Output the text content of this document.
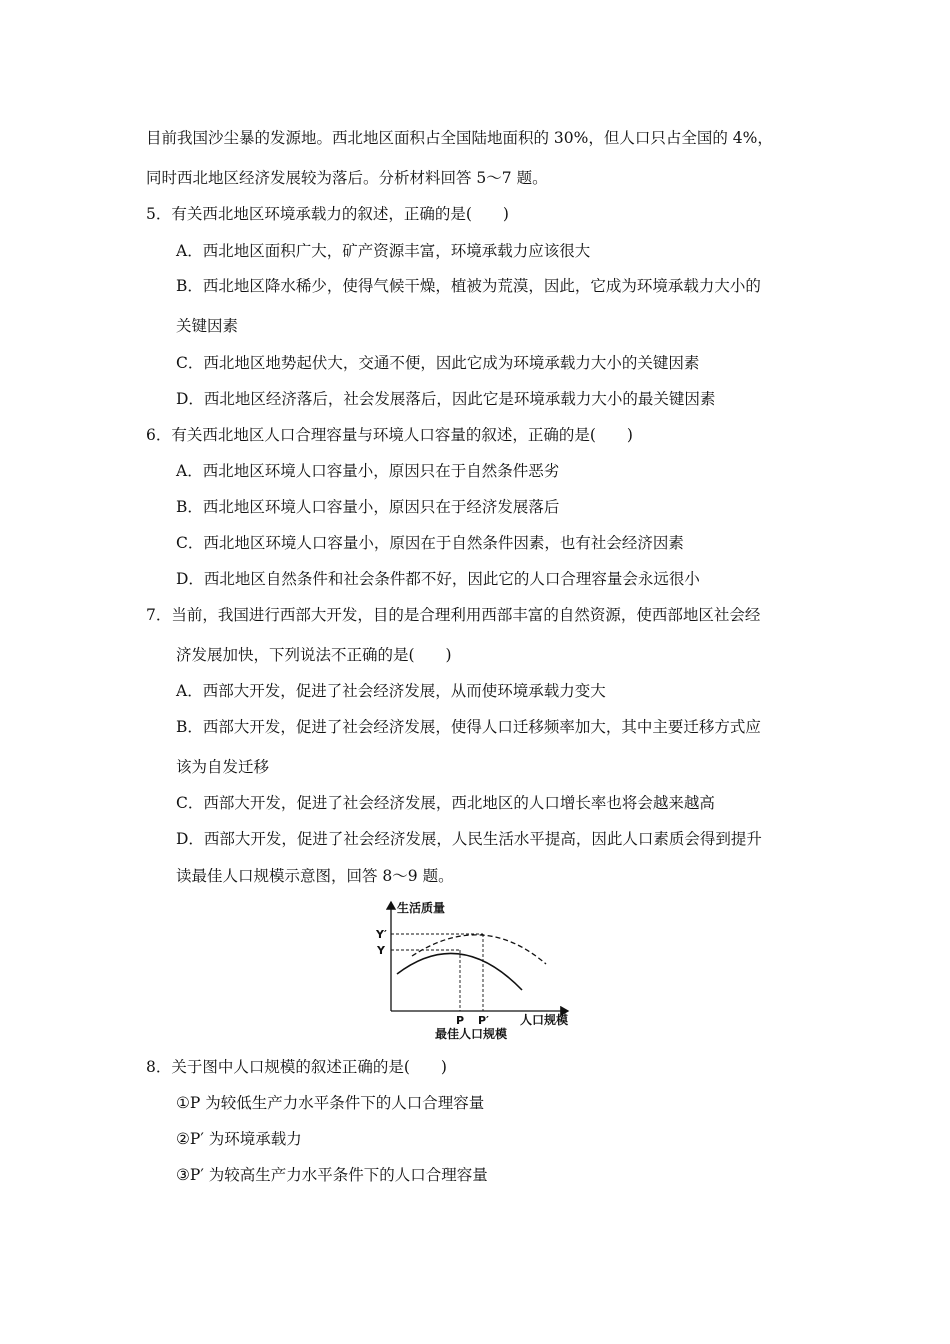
目前我国沙尘暴的发源地。西北地区面积占全国陆地面积的 30%，但人口只占全国的 4%，
同时西北地区经济发展较为落后。分析材料回答 5～7 题。
5．有关西北地区环境承载力的叙述，正确的是(　　)
A．西北地区面积广大，矿产资源丰富，环境承载力应该很大
B．西北地区降水稀少，使得气候干燥，植被为荒漠，因此，它成为环境承载力大小的
关键因素
C．西北地区地势起伏大，交通不便，因此它成为环境承载力大小的关键因素
D．西北地区经济落后，社会发展落后，因此它是环境承载力大小的最关键因素
6．有关西北地区人口合理容量与环境人口容量的叙述，正确的是(　　)
A．西北地区环境人口容量小，原因只在于自然条件恶劣
B．西北地区环境人口容量小，原因只在于经济发展落后
C．西北地区环境人口容量小，原因在于自然条件因素，也有社会经济因素
D．西北地区自然条件和社会条件都不好，因此它的人口合理容量会永远很小
7．当前，我国进行西部大开发，目的是合理利用西部丰富的自然资源，使西部地区社会经
济发展加快，下列说法不正确的是(　　)
A．西部大开发，促进了社会经济发展，从而使环境承载力变大
B．西部大开发，促进了社会经济发展，使得人口迁移频率加大，其中主要迁移方式应
该为自发迁移
C．西部大开发，促进了社会经济发展，西北地区的人口增长率也将会越来越高
D．西部大开发，促进了社会经济发展，人民生活水平提高，因此人口素质会得到提升
读最佳人口规模示意图，回答 8～9 题。
生活质量
Y′
Y
P P′	人口规模
最佳人口规模
8．关于图中人口规模的叙述正确的是(　　)
①P 为较低生产力水平条件下的人口合理容量
②P′ 为环境承载力
③P′ 为较高生产力水平条件下的人口合理容量
